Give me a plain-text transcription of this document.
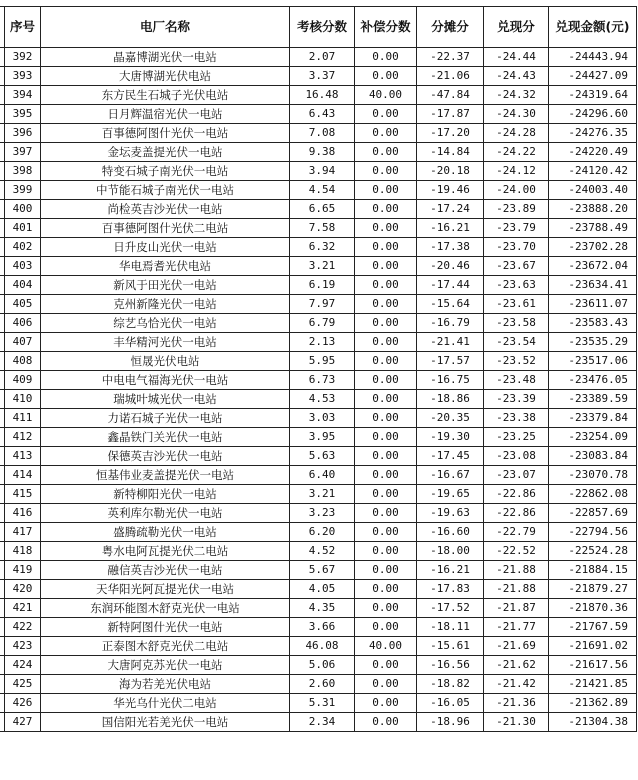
	序号	电厂名称	考核分数	补偿分数	分摊分	兑现分	兑现金额(元)
	392	晶嘉博湖光伏一电站	2.07	0.00	-22.37	-24.44	-24443.94
	393	大唐博湖光伏电站	3.37	0.00	-21.06	-24.43	-24427.09
	394	东方民生石城子光伏电站	16.48	40.00	-47.84	-24.32	-24319.64
	395	日月辉温宿光伏一电站	6.43	0.00	-17.87	-24.30	-24296.60
	396	百事德阿图什光伏一电站	7.08	0.00	-17.20	-24.28	-24276.35
	397	金坛麦盖提光伏一电站	9.38	0.00	-14.84	-24.22	-24220.49
	398	特变石城子南光伏一电站	3.94	0.00	-20.18	-24.12	-24120.42
	399	中节能石城子南光伏一电站	4.54	0.00	-19.46	-24.00	-24003.40
	400	尚检英吉沙光伏一电站	6.65	0.00	-17.24	-23.89	-23888.20
	401	百事德阿图什光伏二电站	7.58	0.00	-16.21	-23.79	-23788.49
	402	日升皮山光伏一电站	6.32	0.00	-17.38	-23.70	-23702.28
	403	华电焉耆光伏电站	3.21	0.00	-20.46	-23.67	-23672.04
	404	新风于田光伏一电站	6.19	0.00	-17.44	-23.63	-23634.41
	405	克州新隆光伏一电站	7.97	0.00	-15.64	-23.61	-23611.07
	406	综艺乌恰光伏一电站	6.79	0.00	-16.79	-23.58	-23583.43
	407	丰华精河光伏一电站	2.13	0.00	-21.41	-23.54	-23535.29
	408	恒晟光伏电站	5.95	0.00	-17.57	-23.52	-23517.06
	409	中电电气福海光伏一电站	6.73	0.00	-16.75	-23.48	-23476.05
	410	瑞城叶城光伏一电站	4.53	0.00	-18.86	-23.39	-23389.59
	411	力诺石城子光伏一电站	3.03	0.00	-20.35	-23.38	-23379.84
	412	鑫晶铁门关光伏一电站	3.95	0.00	-19.30	-23.25	-23254.09
	413	保德英吉沙光伏一电站	5.63	0.00	-17.45	-23.08	-23083.84
	414	恒基伟业麦盖提光伏一电站	6.40	0.00	-16.67	-23.07	-23070.78
	415	新特柳阳光伏一电站	3.21	0.00	-19.65	-22.86	-22862.08
	416	英利库尔勒光伏一电站	3.23	0.00	-19.63	-22.86	-22857.69
	417	盛腾疏勒光伏一电站	6.20	0.00	-16.60	-22.79	-22794.56
	418	粤水电阿瓦提光伏二电站	4.52	0.00	-18.00	-22.52	-22524.28
	419	融信英吉沙光伏一电站	5.67	0.00	-16.21	-21.88	-21884.15
	420	天华阳光阿瓦提光伏一电站	4.05	0.00	-17.83	-21.88	-21879.27
	421	东润环能图木舒克光伏一电站	4.35	0.00	-17.52	-21.87	-21870.36
	422	新特阿图什光伏一电站	3.66	0.00	-18.11	-21.77	-21767.59
	423	正泰图木舒克光伏二电站	46.08	40.00	-15.61	-21.69	-21691.02
	424	大唐阿克苏光伏一电站	5.06	0.00	-16.56	-21.62	-21617.56
	425	海为若羌光伏电站	2.60	0.00	-18.82	-21.42	-21421.85
	426	华光乌什光伏二电站	5.31	0.00	-16.05	-21.36	-21362.89
	427	国信阳光若羌光伏一电站	2.34	0.00	-18.96	-21.30	-21304.38
